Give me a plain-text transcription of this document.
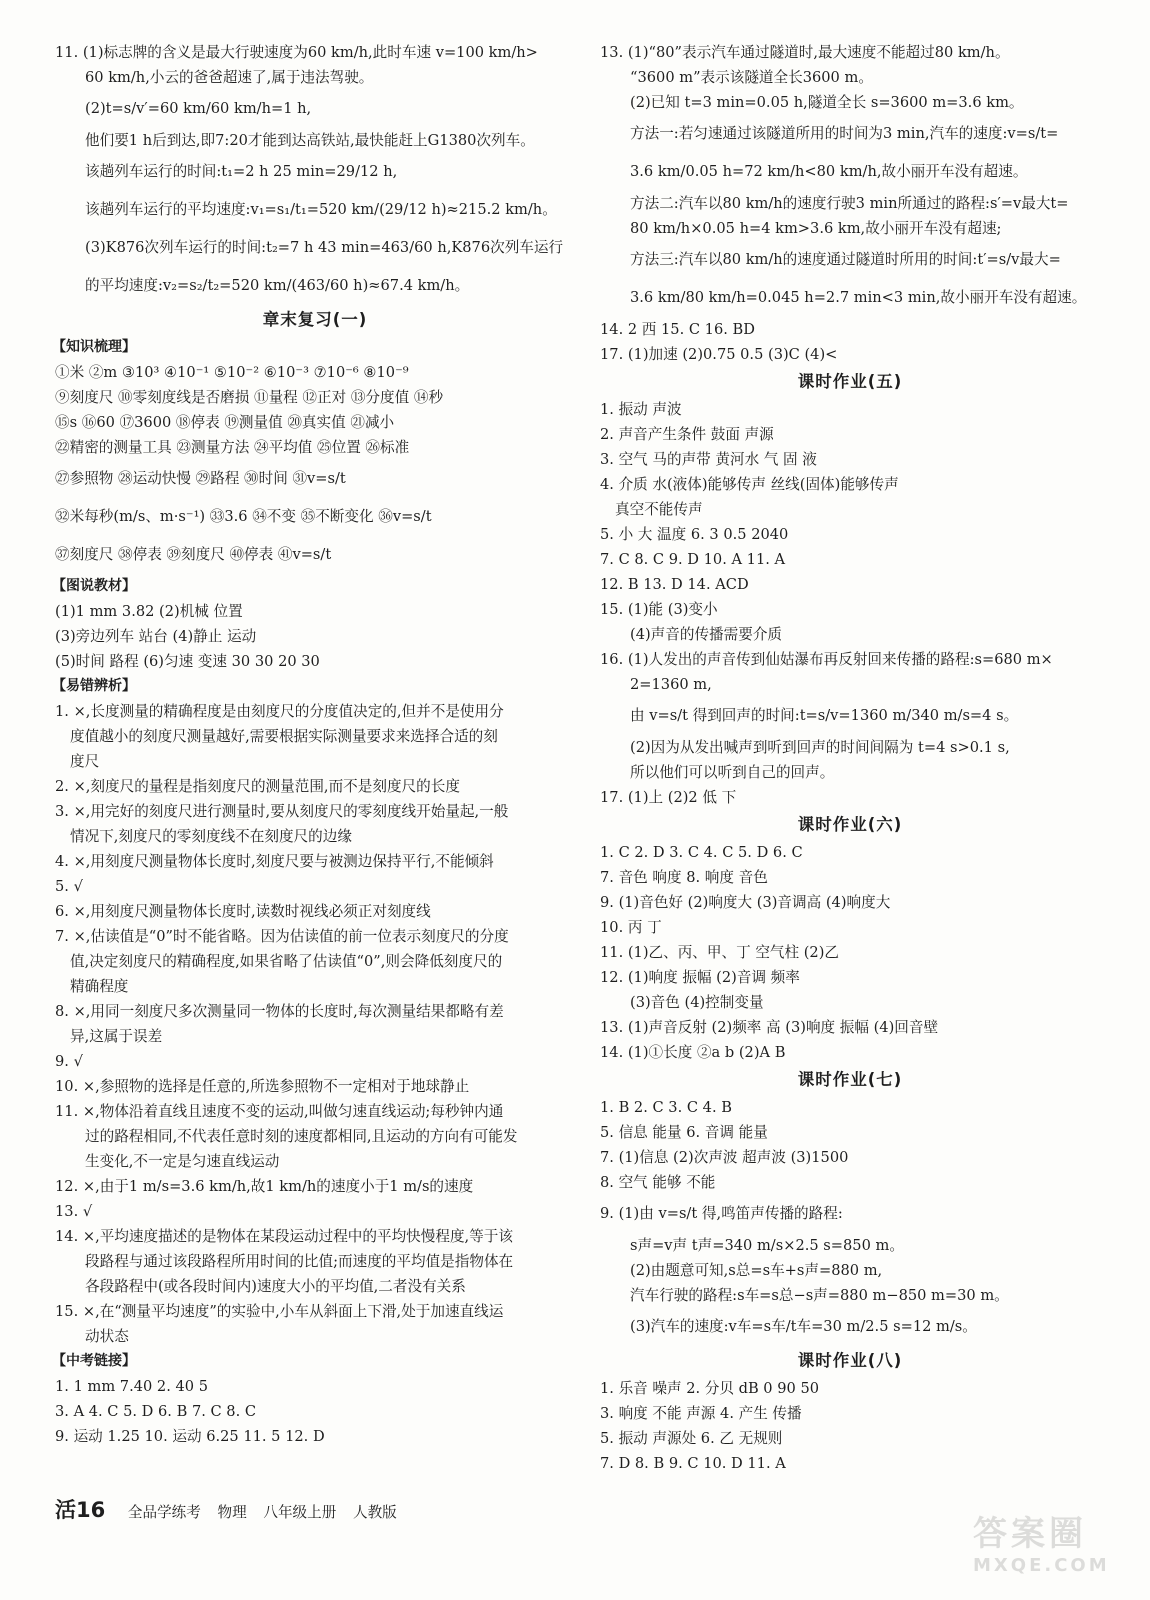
11. (1)标志牌的含义是最大行驶速度为60 km/h,此时车速 v=100 km/h>
60 km/h,小云的爸爸超速了,属于违法驾驶。
(2)t=s/v′=60 km/60 km/h=1 h,
他们要1 h后到达,即7:20才能到达高铁站,最快能赶上G1380次列车。
该趟列车运行的时间:t₁=2 h 25 min=29/12 h,
该趟列车运行的平均速度:v₁=s₁/t₁=520 km/(29/12 h)≈215.2 km/h。
(3)K876次列车运行的时间:t₂=7 h 43 min=463/60 h,K876次列车运行
的平均速度:v₂=s₂/t₂=520 km/(463/60 h)≈67.4 km/h。
章末复习(一)
【知识梳理】
①米 ②m ③10³ ④10⁻¹ ⑤10⁻² ⑥10⁻³ ⑦10⁻⁶ ⑧10⁻⁹
⑨刻度尺 ⑩零刻度线是否磨损 ⑪量程 ⑫正对 ⑬分度值 ⑭秒
⑮s ⑯60 ⑰3600 ⑱停表 ⑲测量值 ⑳真实值 ㉑减小
㉒精密的测量工具 ㉓测量方法 ㉔平均值 ㉕位置 ㉖标准
㉗参照物 ㉘运动快慢 ㉙路程 ㉚时间 ㉛v=s/t
㉜米每秒(m/s、m·s⁻¹) ㉝3.6 ㉞不变 ㉟不断变化 ㊱v=s/t
㊲刻度尺 ㊳停表 ㊴刻度尺 ㊵停表 ㊶v=s/t
【图说教材】
(1)1 mm 3.82 (2)机械 位置
(3)旁边列车 站台 (4)静止 运动
(5)时间 路程 (6)匀速 变速 30 30 20 30
【易错辨析】
1. ×,长度测量的精确程度是由刻度尺的分度值决定的,但并不是使用分
度值越小的刻度尺测量越好,需要根据实际测量要求来选择合适的刻
度尺
2. ×,刻度尺的量程是指刻度尺的测量范围,而不是刻度尺的长度
3. ×,用完好的刻度尺进行测量时,要从刻度尺的零刻度线开始量起,一般
情况下,刻度尺的零刻度线不在刻度尺的边缘
4. ×,用刻度尺测量物体长度时,刻度尺要与被测边保持平行,不能倾斜
5. √
6. ×,用刻度尺测量物体长度时,读数时视线必须正对刻度线
7. ×,估读值是“0”时不能省略。因为估读值的前一位表示刻度尺的分度
值,决定刻度尺的精确程度,如果省略了估读值“0”,则会降低刻度尺的
精确程度
8. ×,用同一刻度尺多次测量同一物体的长度时,每次测量结果都略有差
异,这属于误差
9. √
10. ×,参照物的选择是任意的,所选参照物不一定相对于地球静止
11. ×,物体沿着直线且速度不变的运动,叫做匀速直线运动;每秒钟内通
过的路程相同,不代表任意时刻的速度都相同,且运动的方向有可能发
生变化,不一定是匀速直线运动
12. ×,由于1 m/s=3.6 km/h,故1 km/h的速度小于1 m/s的速度
13. √
14. ×,平均速度描述的是物体在某段运动过程中的平均快慢程度,等于该
段路程与通过该段路程所用时间的比值;而速度的平均值是指物体在
各段路程中(或各段时间内)速度大小的平均值,二者没有关系
15. ×,在“测量平均速度”的实验中,小车从斜面上下滑,处于加速直线运
动状态
【中考链接】
1. 1 mm 7.40 2. 40 5
3. A 4. C 5. D 6. B 7. C 8. C
9. 运动 1.25 10. 运动 6.25 11. 5 12. D
13. (1)“80”表示汽车通过隧道时,最大速度不能超过80 km/h。
“3600 m”表示该隧道全长3600 m。
(2)已知 t=3 min=0.05 h,隧道全长 s=3600 m=3.6 km。
方法一:若匀速通过该隧道所用的时间为3 min,汽车的速度:v=s/t=
3.6 km/0.05 h=72 km/h<80 km/h,故小丽开车没有超速。
方法二:汽车以80 km/h的速度行驶3 min所通过的路程:s′=v最大t=
80 km/h×0.05 h=4 km>3.6 km,故小丽开车没有超速;
方法三:汽车以80 km/h的速度通过隧道时所用的时间:t′=s/v最大=
3.6 km/80 km/h=0.045 h=2.7 min<3 min,故小丽开车没有超速。
14. 2 西 15. C 16. BD
17. (1)加速 (2)0.75 0.5 (3)C (4)<
课时作业(五)
1. 振动 声波
2. 声音产生条件 鼓面 声源
3. 空气 马的声带 黄河水 气 固 液
4. 介质 水(液体)能够传声 丝线(固体)能够传声
真空不能传声
5. 小 大 温度 6. 3 0.5 2040
7. C 8. C 9. D 10. A 11. A
12. B 13. D 14. ACD
15. (1)能 (3)变小
(4)声音的传播需要介质
16. (1)人发出的声音传到仙姑瀑布再反射回来传播的路程:s=680 m×
2=1360 m,
由 v=s/t 得到回声的时间:t=s/v=1360 m/340 m/s=4 s。
(2)因为从发出喊声到听到回声的时间间隔为 t=4 s>0.1 s,
所以他们可以听到自己的回声。
17. (1)上 (2)2 低 下
课时作业(六)
1. C 2. D 3. C 4. C 5. D 6. C
7. 音色 响度 8. 响度 音色
9. (1)音色好 (2)响度大 (3)音调高 (4)响度大
10. 丙 丁
11. (1)乙、丙、甲、丁 空气柱 (2)乙
12. (1)响度 振幅 (2)音调 频率
(3)音色 (4)控制变量
13. (1)声音反射 (2)频率 高 (3)响度 振幅 (4)回音壁
14. (1)①长度 ②a b (2)A B
课时作业(七)
1. B 2. C 3. C 4. B
5. 信息 能量 6. 音调 能量
7. (1)信息 (2)次声波 超声波 (3)1500
8. 空气 能够 不能
9. (1)由 v=s/t 得,鸣笛声传播的路程:
s声=v声 t声=340 m/s×2.5 s=850 m。
(2)由题意可知,s总=s车+s声=880 m,
汽车行驶的路程:s车=s总−s声=880 m−850 m=30 m。
(3)汽车的速度:v车=s车/t车=30 m/2.5 s=12 m/s。
课时作业(八)
1. 乐音 噪声 2. 分贝 dB 0 90 50
3. 响度 不能 声源 4. 产生 传播
5. 振动 声源处 6. 乙 无规则
7. D 8. B 9. C 10. D 11. A
活16 全品学练考 物理 八年级上册 人教版
答案圈
MXQE.COM
